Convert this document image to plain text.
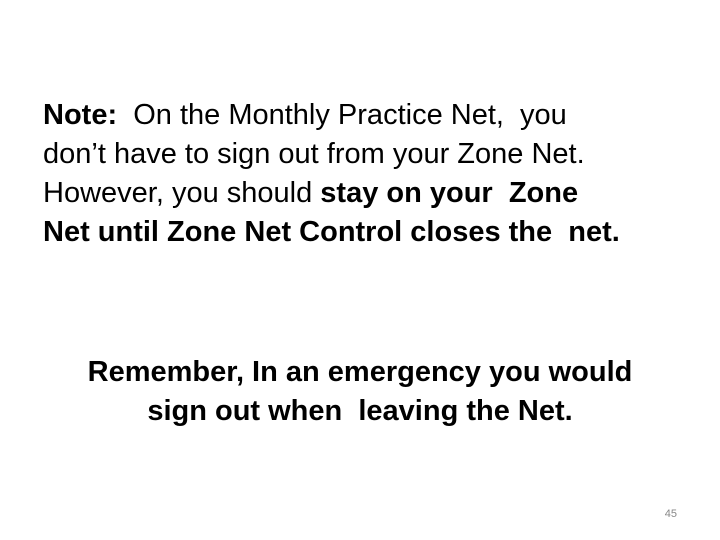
Note:  On the Monthly Practice Net,  you
don’t have to sign out from your Zone Net.
However, you should stay on your  Zone
Net until Zone Net Control closes the  net.
Remember, In an emergency you would
sign out when  leaving the Net.
45
